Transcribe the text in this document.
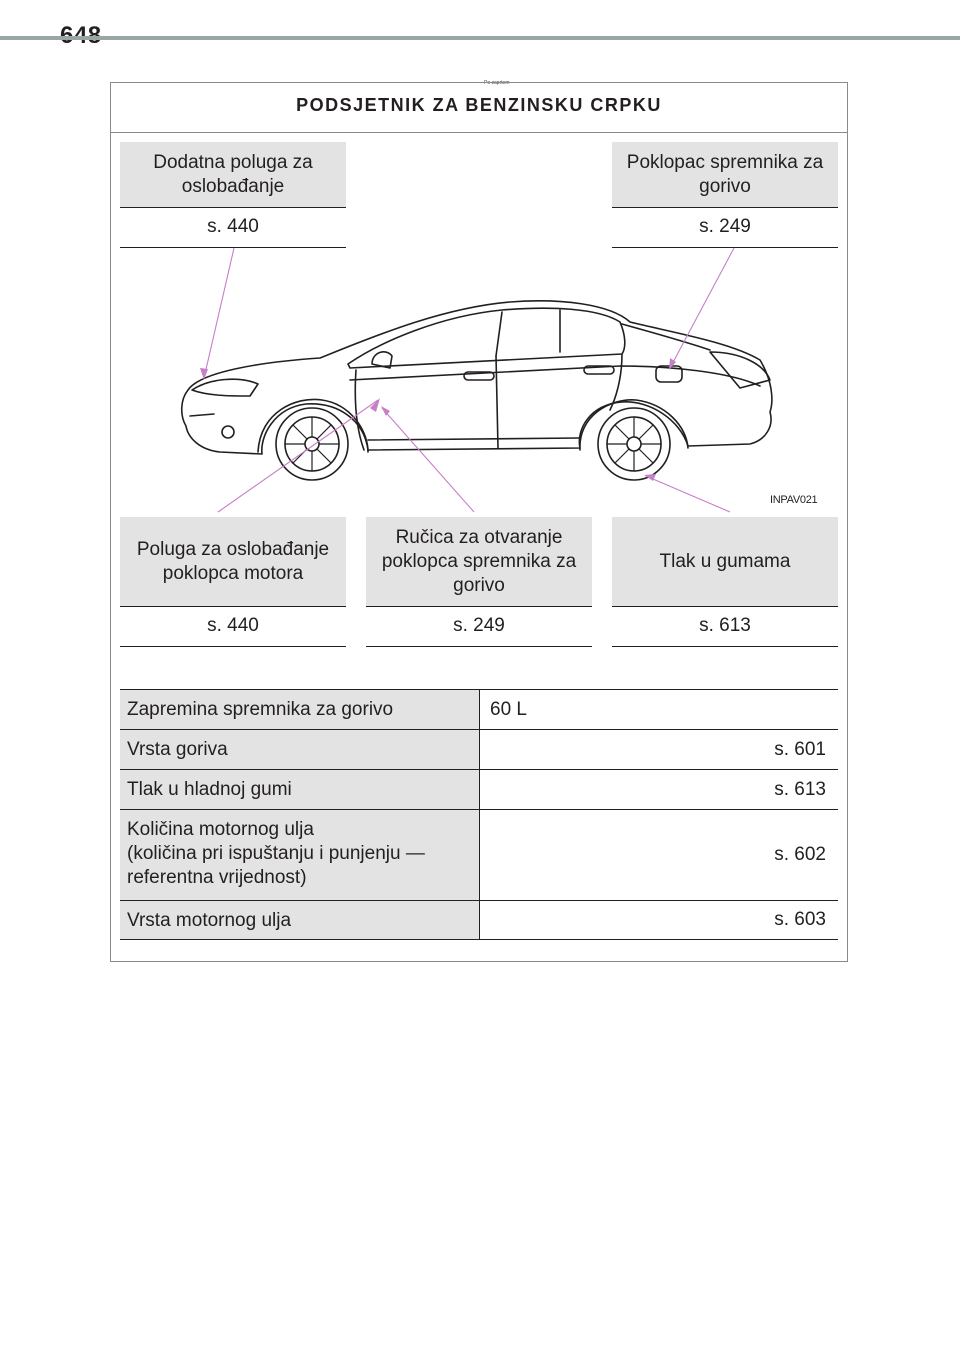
Po zaprtem
PODSJETNIK ZA BENZINSKU CRPKU
Dodatna poluga za oslobađanje
s. 440
Poklopac spremnika za gorivo
s. 249
INPAV021
Poluga za oslobađanje poklopca motora
s. 440
Ručica za otvaranje poklopca spremnika za gorivo
s. 249
Tlak u gumama
s. 613
Zapremina spremnika za gorivo	60 L
Vrsta goriva	s. 601
Tlak u hladnoj gumi	s. 613
Količina motornog ulja
(količina pri ispuštanju i punjenju —
referentna vrijednost)
s. 602
Vrsta motornog ulja	s. 603
